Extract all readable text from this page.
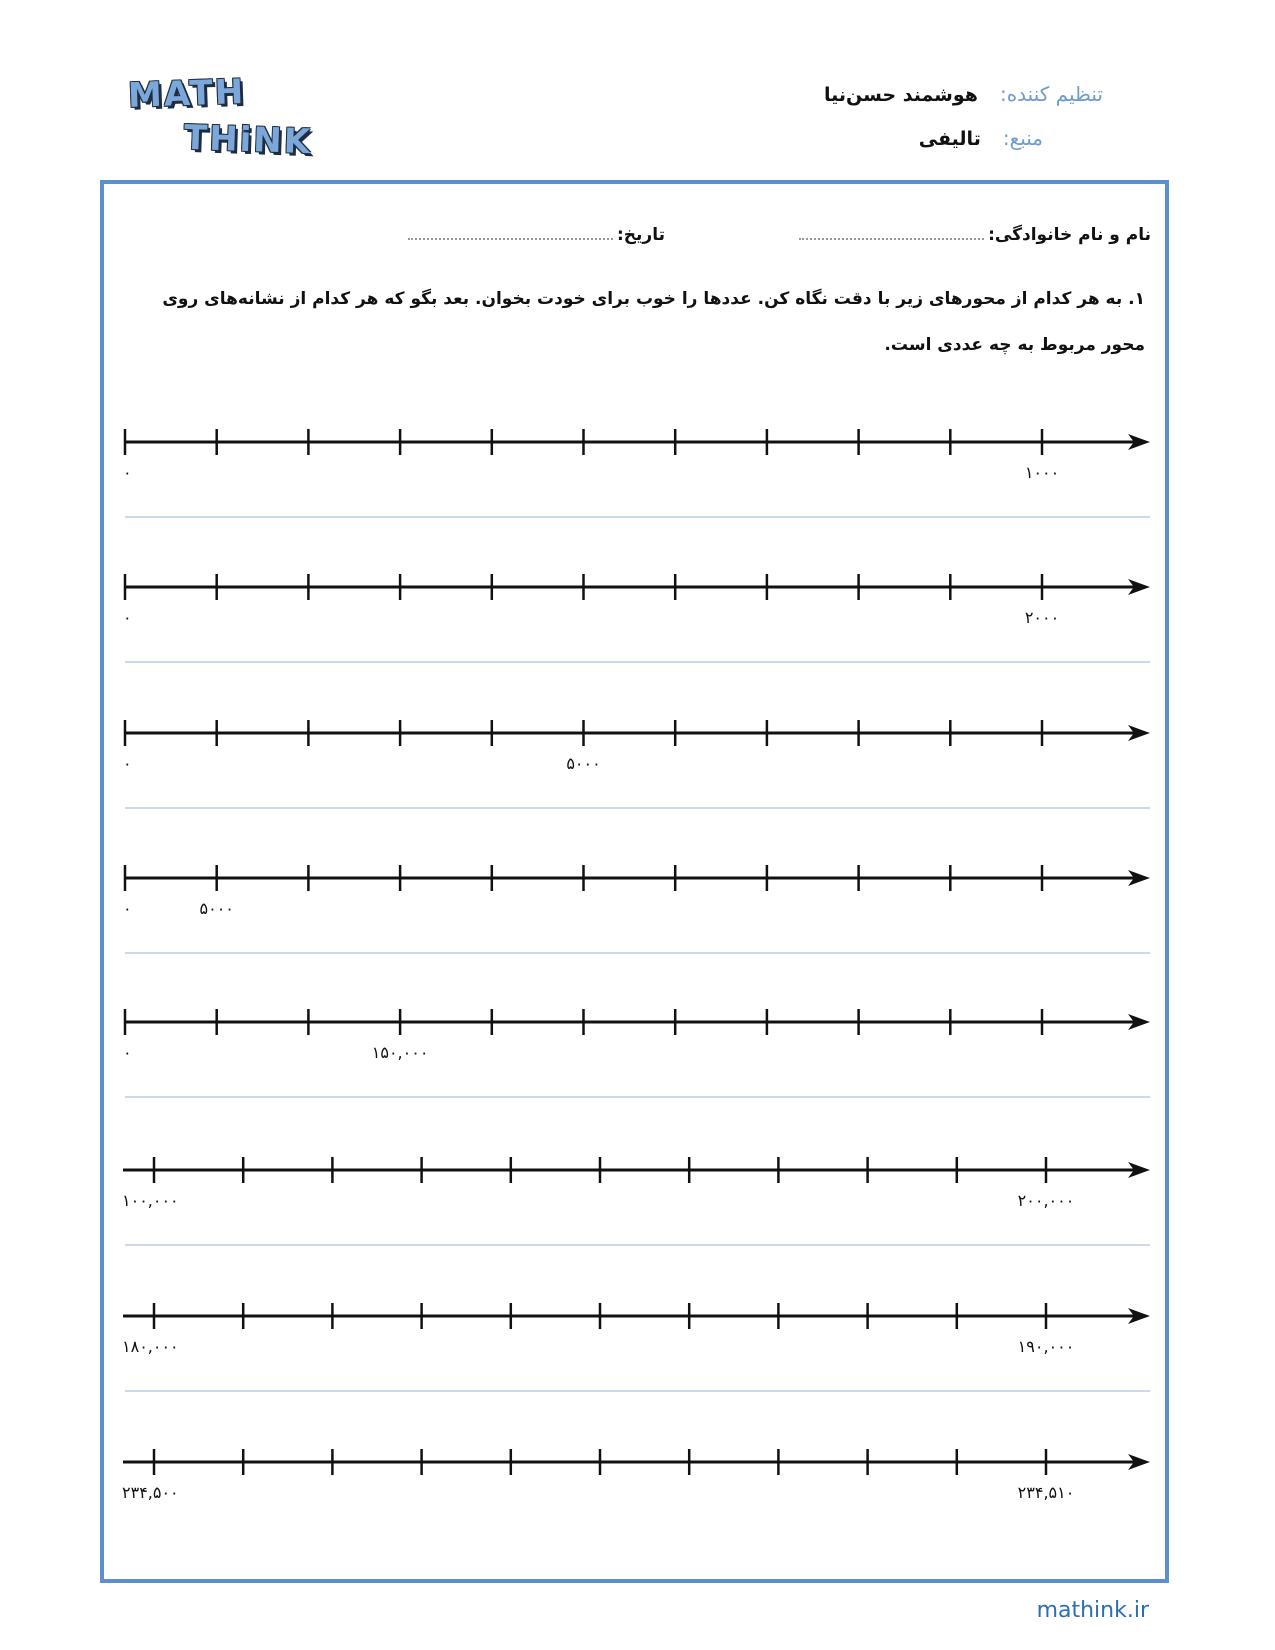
MATH
THiNK
تنظیم کننده:
هوشمند حسن‌نیا
منبع:
تالیفی
نام و نام خانوادگی:
تاریخ:
۱. به هر کدام از محورهای زیر با دقت نگاه کن. عددها را خوب برای خودت بخوان. بعد بگو که هر کدام از نشانه‌های روی محور مربوط به چه عددی است.
۰	۱۰۰۰
۰	۲۰۰۰
۰	۵۰۰۰
۰	۵۰۰۰
۰	۱۵۰,۰۰۰
۱۰۰,۰۰۰	۲۰۰,۰۰۰
۱۸۰,۰۰۰	۱۹۰,۰۰۰
۲۳۴,۵۰۰	۲۳۴,۵۱۰
mathink.ir
